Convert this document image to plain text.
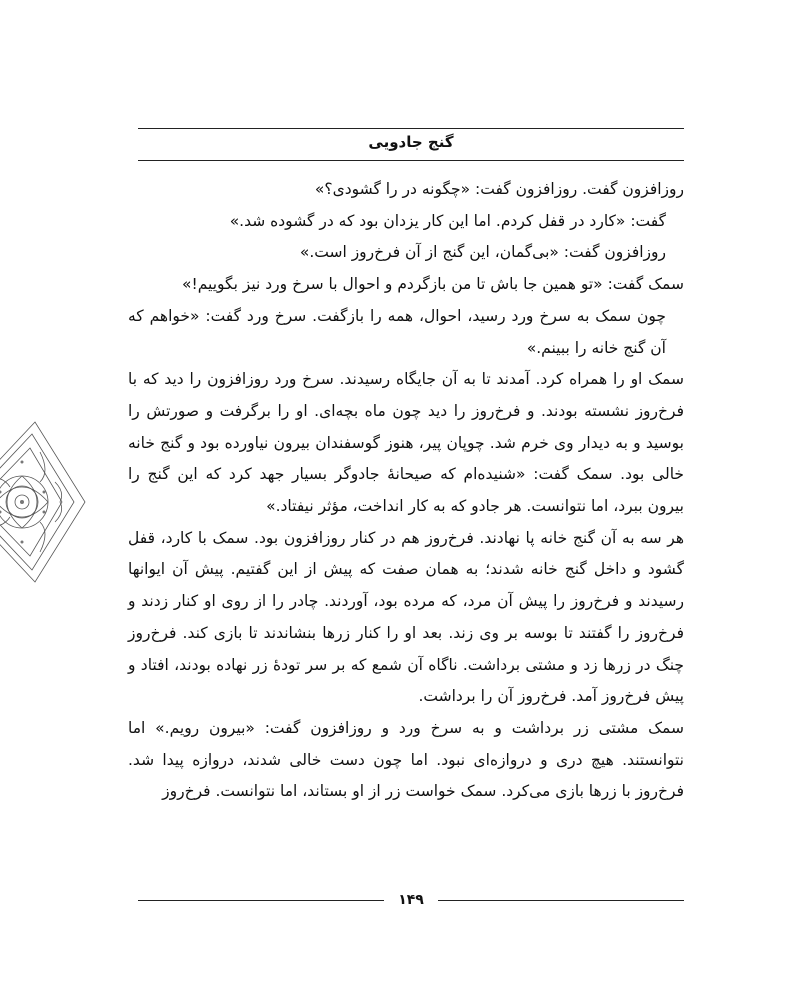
گنج جادویی

روزافزون گفت. روزافزون گفت: «چگونه در را گشودی؟»

گفت: «کارد در قفل کردم. اما این کار یزدان بود که در گشوده شد.»

روزافزون گفت: «بی‌گمان، این گنج از آن فرخ‌روز است.»

سمک گفت: «تو همین جا باش تا من بازگردم و احوال با سرخ ورد نیز بگوییم!»

چون سمک به سرخ ورد رسید، احوال، همه را بازگفت. سرخ ورد گفت: «خواهم که آن گنج خانه را ببینم.»

سمک او را همراه کرد. آمدند تا به آن جایگاه رسیدند. سرخ ورد روزافزون را دید که با فرخ‌روز نشسته بودند. و فرخ‌روز را دید چون ماه بچه‌ای. او را برگرفت و صورتش را بوسید و به دیدار وی خرم شد. چوپان پیر، هنوز گوسفندان بیرون نیاورده بود و گنج خانه خالی بود. سمک گفت: «شنیده‌ام که صیحانهٔ جادوگر بسیار جهد کرد که این گنج را بیرون ببرد، اما نتوانست. هر جادو که به کار انداخت، مؤثر نیفتاد.»

هر سه به آن گنج خانه پا نهادند. فرخ‌روز هم در کنار روزافزون بود. سمک با کارد، قفل گشود و داخل گنج خانه شدند؛ به همان صفت که پیش از این گفتیم. پیش آن ایوانها رسیدند و فرخ‌روز را پیش آن مرد، که مرده بود، آوردند. چادر را از روی او کنار زدند و فرخ‌روز را گفتند تا بوسه بر وی زند. بعد او را کنار زرها بنشاندند تا بازی کند. فرخ‌روز چنگ در زرها زد و مشتی برداشت. ناگاه آن شمع که بر سر تودهٔ زر نهاده بودند، افتاد و پیش فرخ‌روز آمد. فرخ‌روز آن را برداشت.

سمک مشتی زر برداشت و به سرخ ورد و روزافزون گفت: «بیرون رویم.» اما نتوانستند. هیچ دری و دروازه‌ای نبود. اما چون دست خالی شدند، دروازه پیدا شد. فرخ‌روز با زرها بازی می‌کرد. سمک خواست زر از او بستاند، اما نتوانست. فرخ‌روز

۱۴۹
